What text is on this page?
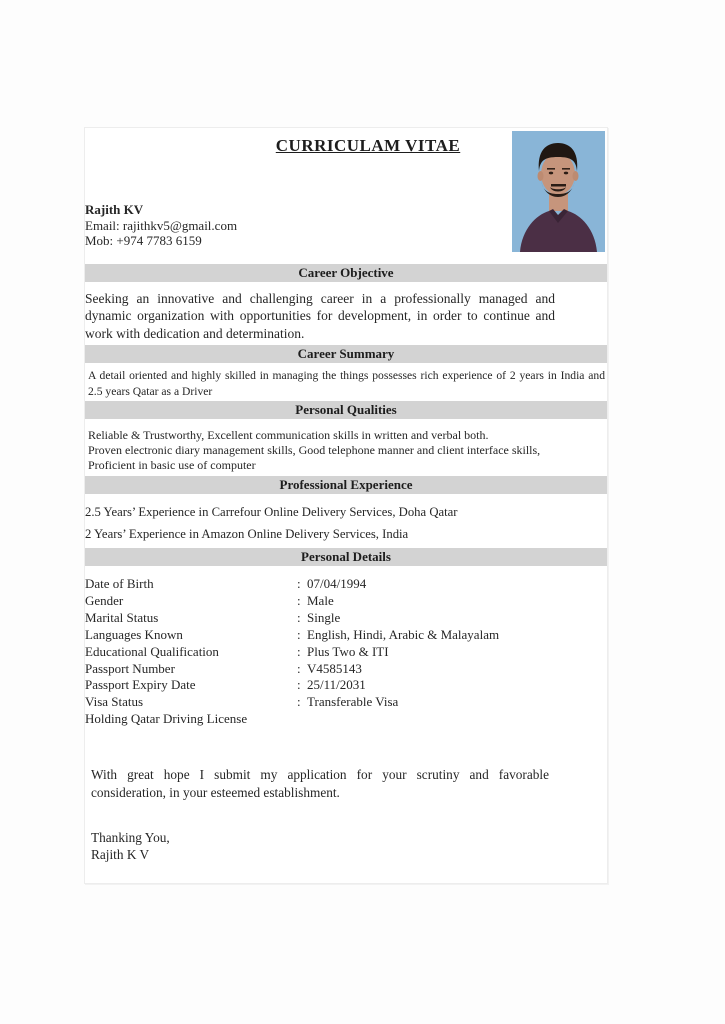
CURRICULAM VITAE
Rajith KV
Email: rajithkv5@gmail.com
Mob: +974 7783 6159
Career Objective
Seeking an innovative and challenging career in a professionally managed and dynamic organization with opportunities for development, in order to continue and work with dedication and determination.
Career Summary
A detail oriented and highly skilled in managing the things possesses rich experience of 2 years in India and 2.5 years Qatar as a Driver
Personal Qualities
Reliable & Trustworthy, Excellent communication skills in written and verbal both.
Proven electronic diary management skills, Good telephone manner and client interface skills,
Proficient in basic use of computer
Professional Experience
2.5 Years’ Experience in Carrefour Online Delivery Services, Doha Qatar
2 Years’ Experience in Amazon Online Delivery Services, India
Personal Details
Date of Birth	: 07/04/1994
Gender	: Male
Marital Status	: Single
Languages Known	: English, Hindi, Arabic & Malayalam
Educational Qualification	: Plus Two & ITI
Passport Number	: V4585143
Passport Expiry Date	: 25/11/2031
Visa Status	: Transferable Visa
Holding Qatar Driving License
With great hope I submit my application for your scrutiny and favorable consideration, in your esteemed establishment.
Thanking You,
Rajith K V
